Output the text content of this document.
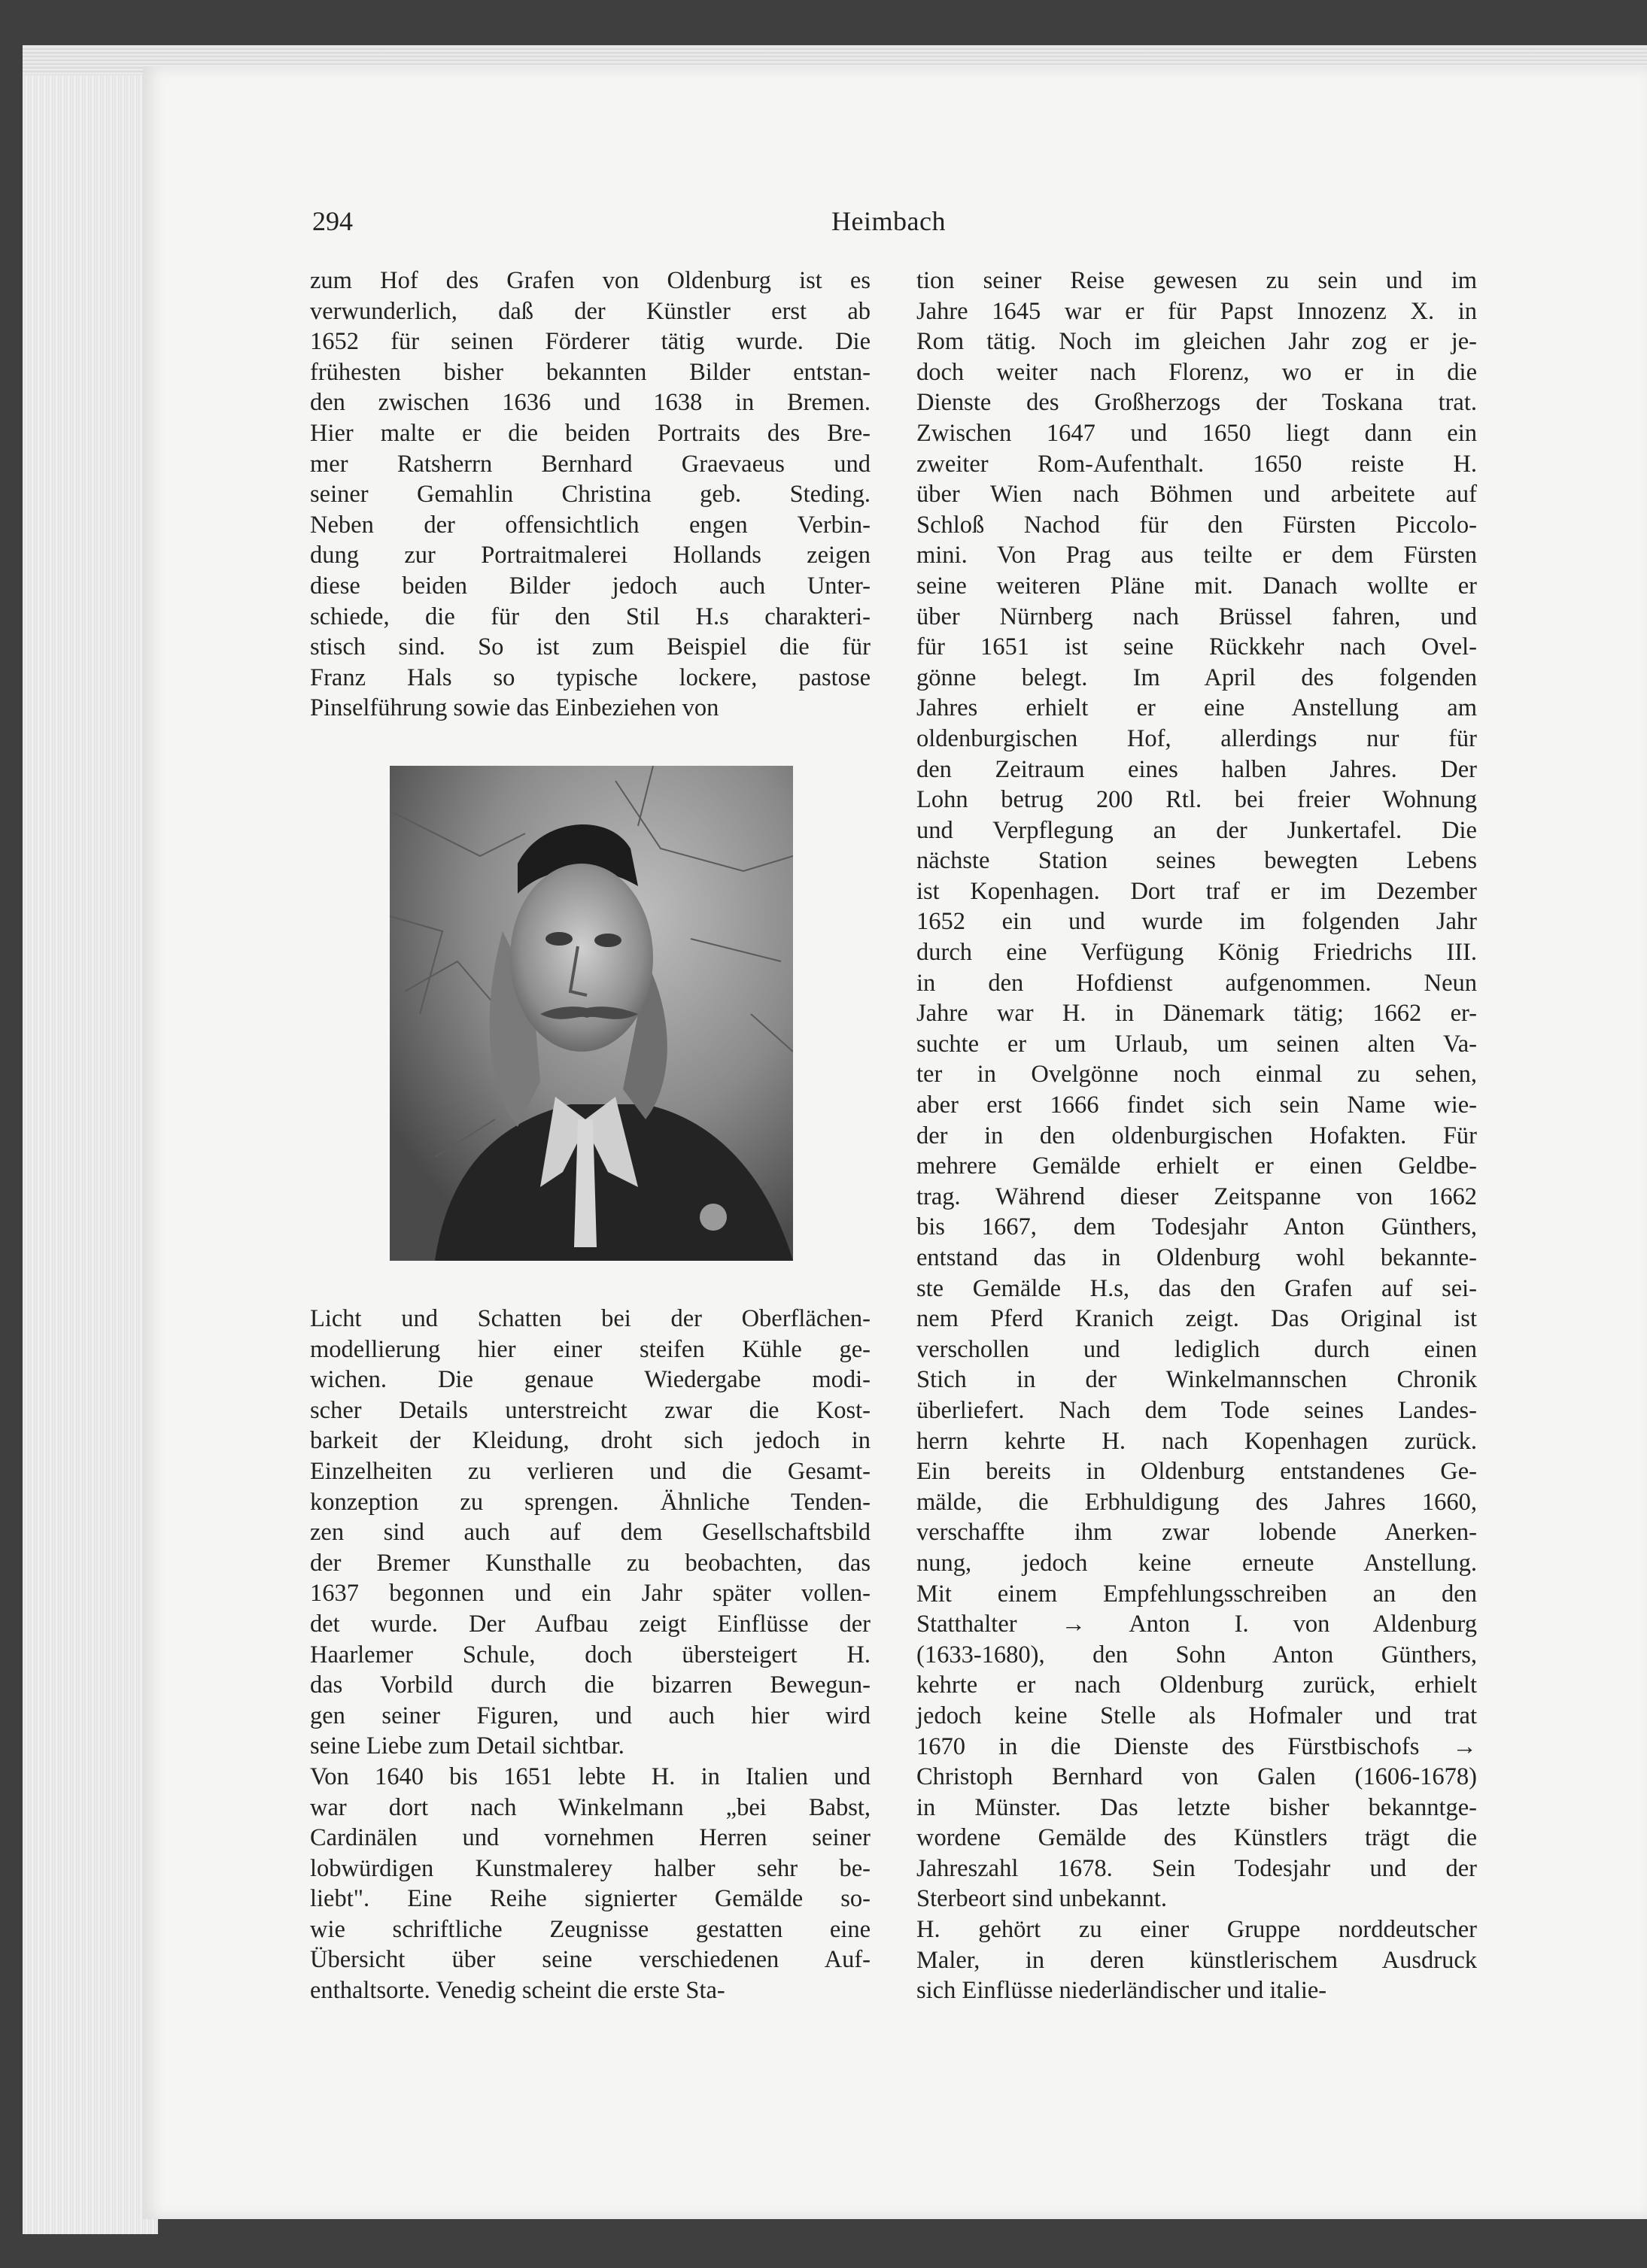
294	Heimbach
zum Hof des Grafen von Oldenburg ist es
verwunderlich, daß der Künstler erst ab
1652 für seinen Förderer tätig wurde. Die
frühesten bisher bekannten Bilder entstan-
den zwischen 1636 und 1638 in Bremen.
Hier malte er die beiden Portraits des Bre-
mer Ratsherrn Bernhard Graevaeus und
seiner Gemahlin Christina geb. Steding.
Neben der offensichtlich engen Verbin-
dung zur Portraitmalerei Hollands zeigen
diese beiden Bilder jedoch auch Unter-
schiede, die für den Stil H.s charakteri-
stisch sind. So ist zum Beispiel die für
Franz Hals so typische lockere, pastose
Pinselführung sowie das Einbeziehen von
Licht und Schatten bei der Oberflächen-
modellierung hier einer steifen Kühle ge-
wichen. Die genaue Wiedergabe modi-
scher Details unterstreicht zwar die Kost-
barkeit der Kleidung, droht sich jedoch in
Einzelheiten zu verlieren und die Gesamt-
konzeption zu sprengen. Ähnliche Tenden-
zen sind auch auf dem Gesellschaftsbild
der Bremer Kunsthalle zu beobachten, das
1637 begonnen und ein Jahr später vollen-
det wurde. Der Aufbau zeigt Einflüsse der
Haarlemer Schule, doch übersteigert H.
das Vorbild durch die bizarren Bewegun-
gen seiner Figuren, und auch hier wird
seine Liebe zum Detail sichtbar.
Von 1640 bis 1651 lebte H. in Italien und
war dort nach Winkelmann „bei Babst,
Cardinälen und vornehmen Herren seiner
lobwürdigen Kunstmalerey halber sehr be-
liebt". Eine Reihe signierter Gemälde so-
wie schriftliche Zeugnisse gestatten eine
Übersicht über seine verschiedenen Auf-
enthaltsorte. Venedig scheint die erste Sta-
tion seiner Reise gewesen zu sein und im
Jahre 1645 war er für Papst Innozenz X. in
Rom tätig. Noch im gleichen Jahr zog er je-
doch weiter nach Florenz, wo er in die
Dienste des Großherzogs der Toskana trat.
Zwischen 1647 und 1650 liegt dann ein
zweiter Rom-Aufenthalt. 1650 reiste H.
über Wien nach Böhmen und arbeitete auf
Schloß Nachod für den Fürsten Piccolo-
mini. Von Prag aus teilte er dem Fürsten
seine weiteren Pläne mit. Danach wollte er
über Nürnberg nach Brüssel fahren, und
für 1651 ist seine Rückkehr nach Ovel-
gönne belegt. Im April des folgenden
Jahres erhielt er eine Anstellung am
oldenburgischen Hof, allerdings nur für
den Zeitraum eines halben Jahres. Der
Lohn betrug 200 Rtl. bei freier Wohnung
und Verpflegung an der Junkertafel. Die
nächste Station seines bewegten Lebens
ist Kopenhagen. Dort traf er im Dezember
1652 ein und wurde im folgenden Jahr
durch eine Verfügung König Friedrichs III.
in den Hofdienst aufgenommen. Neun
Jahre war H. in Dänemark tätig; 1662 er-
suchte er um Urlaub, um seinen alten Va-
ter in Ovelgönne noch einmal zu sehen,
aber erst 1666 findet sich sein Name wie-
der in den oldenburgischen Hofakten. Für
mehrere Gemälde erhielt er einen Geldbe-
trag. Während dieser Zeitspanne von 1662
bis 1667, dem Todesjahr Anton Günthers,
entstand das in Oldenburg wohl bekannte-
ste Gemälde H.s, das den Grafen auf sei-
nem Pferd Kranich zeigt. Das Original ist
verschollen und lediglich durch einen
Stich in der Winkelmannschen Chronik
überliefert. Nach dem Tode seines Landes-
herrn kehrte H. nach Kopenhagen zurück.
Ein bereits in Oldenburg entstandenes Ge-
mälde, die Erbhuldigung des Jahres 1660,
verschaffte ihm zwar lobende Anerken-
nung, jedoch keine erneute Anstellung.
Mit einem Empfehlungsschreiben an den
Statthalter → Anton I. von Aldenburg
(1633-1680), den Sohn Anton Günthers,
kehrte er nach Oldenburg zurück, erhielt
jedoch keine Stelle als Hofmaler und trat
1670 in die Dienste des Fürstbischofs →
Christoph Bernhard von Galen (1606-1678)
in Münster. Das letzte bisher bekanntge-
wordene Gemälde des Künstlers trägt die
Jahreszahl 1678. Sein Todesjahr und der
Sterbeort sind unbekannt.
H. gehört zu einer Gruppe norddeutscher
Maler, in deren künstlerischem Ausdruck
sich Einflüsse niederländischer und italie-
